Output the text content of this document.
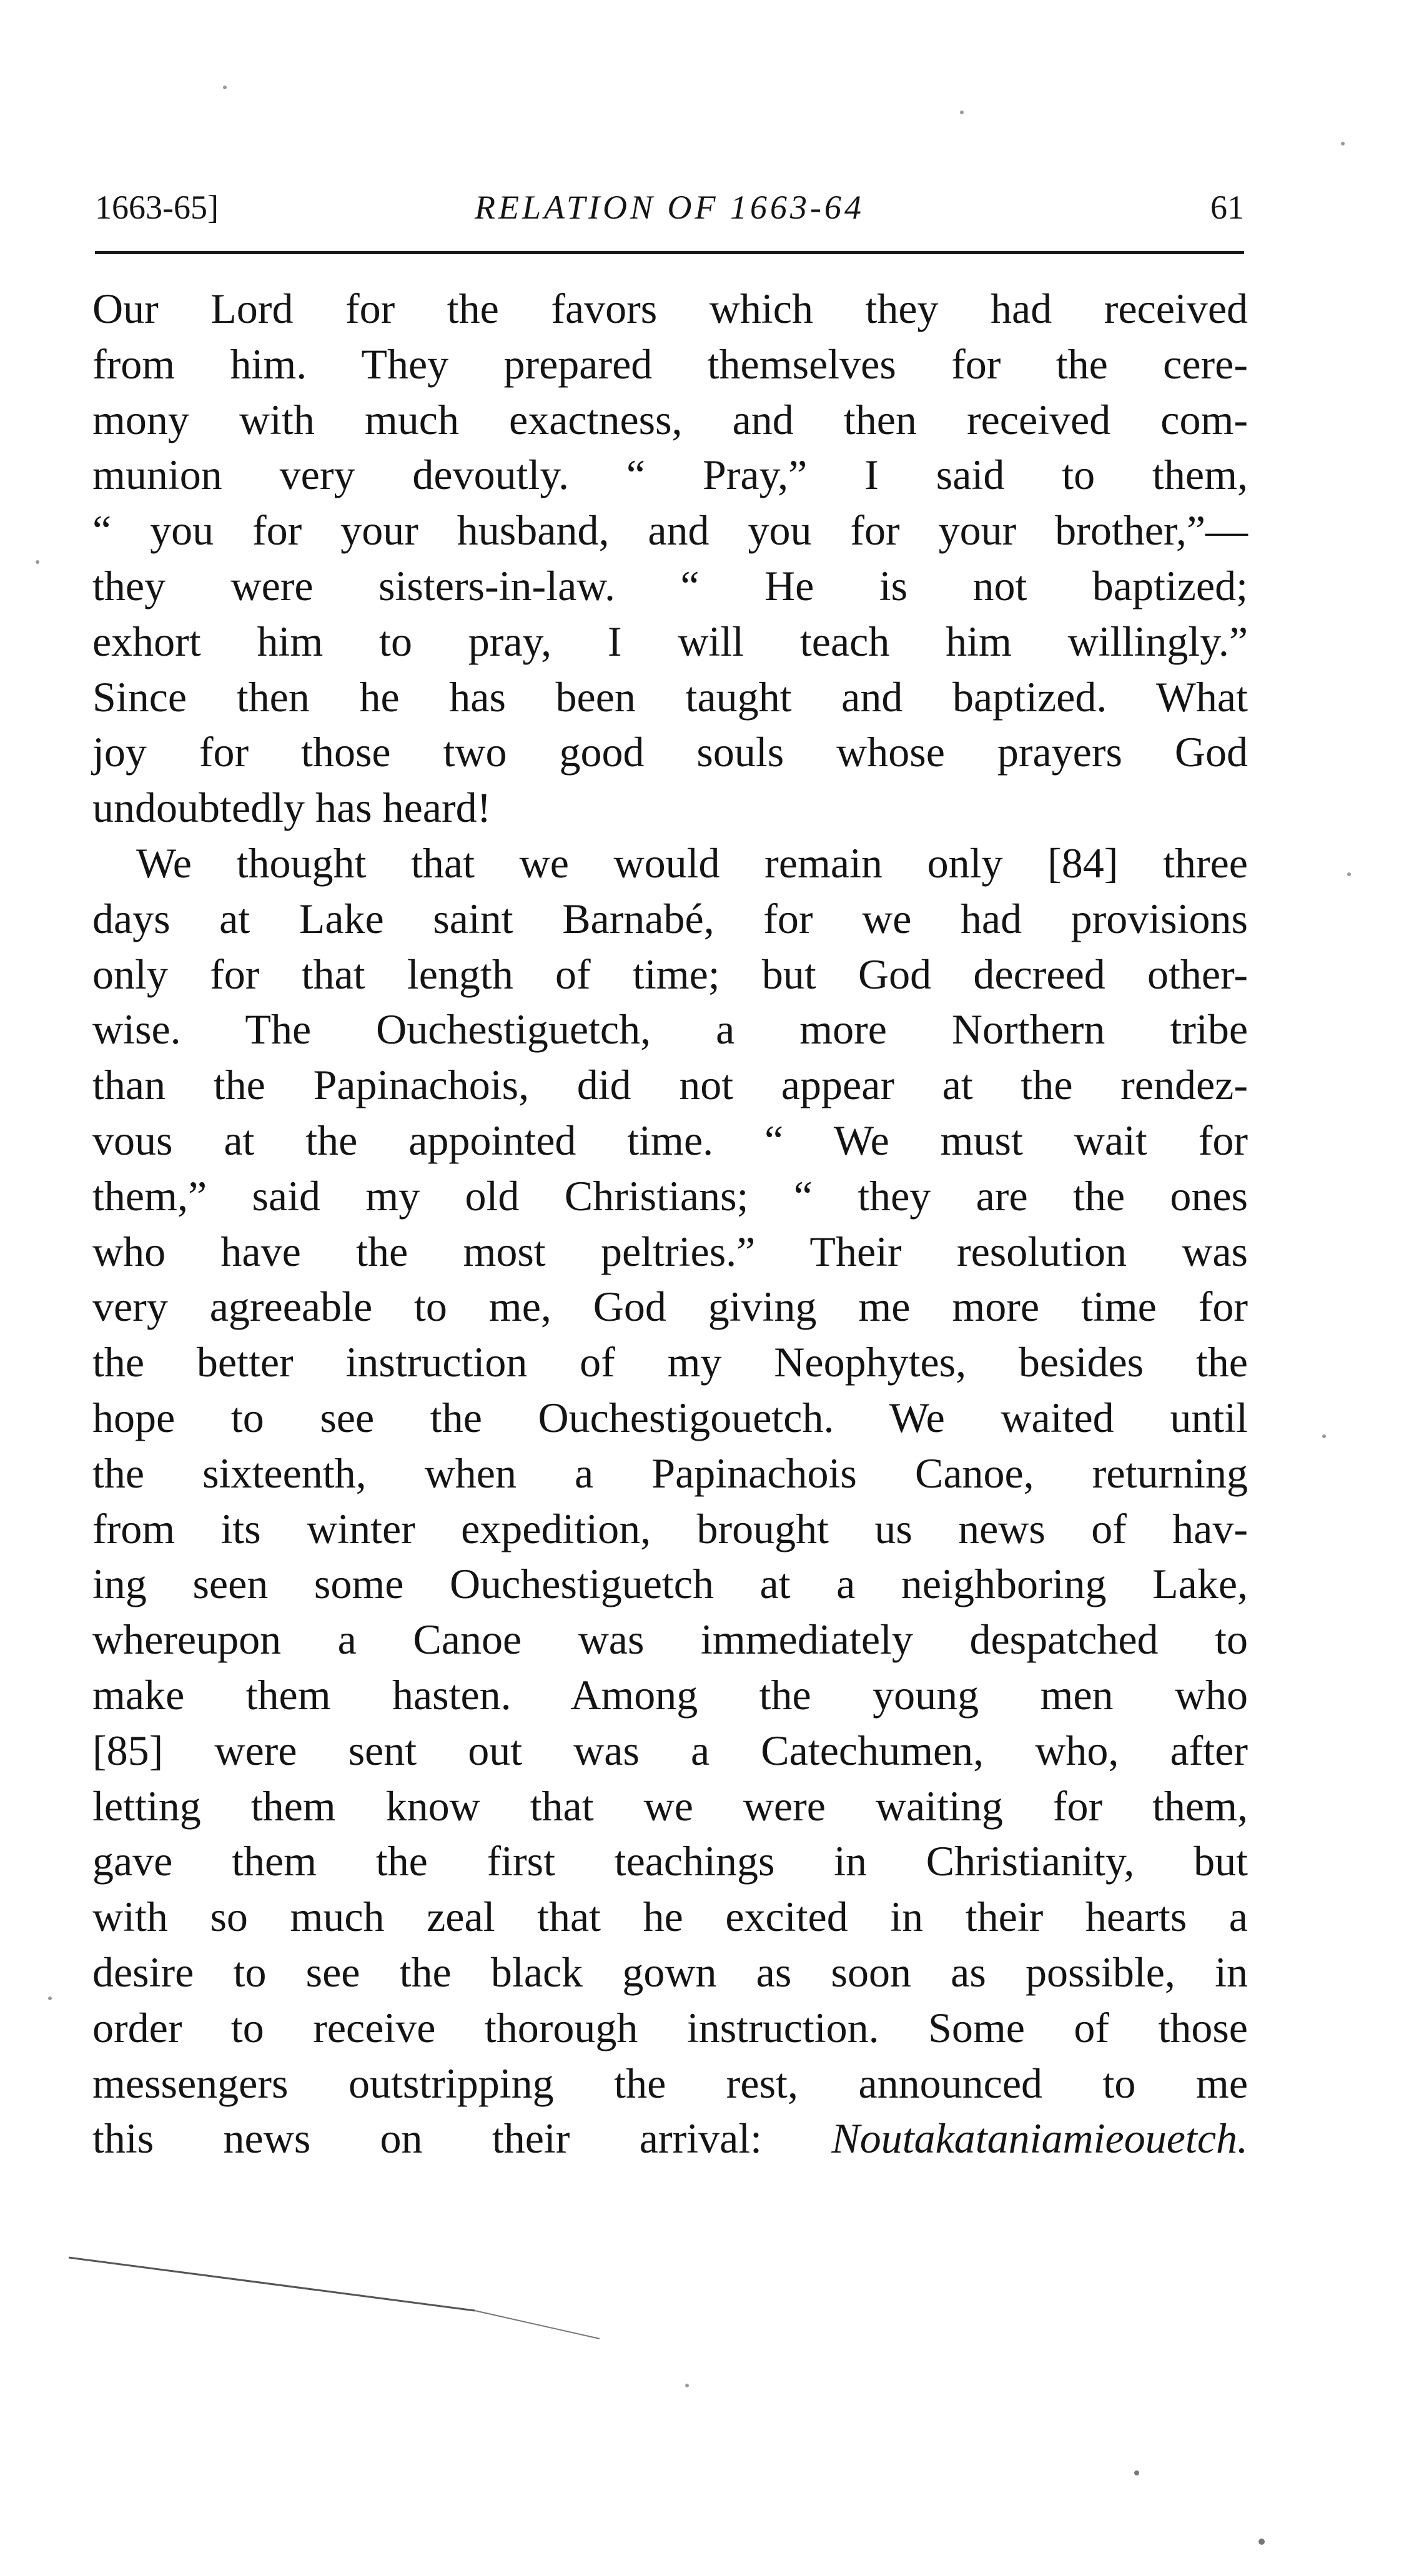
1663-65]	RELATION OF 1663-64	61
Our Lord for the favors which they had received
from him. They prepared themselves for the cere-
mony with much exactness, and then received com-
munion very devoutly. “ Pray,” I said to them,
“ you for your husband, and you for your brother,”—
they were sisters-in-law. “ He is not baptized;
exhort him to pray, I will teach him willingly.”
Since then he has been taught and baptized. What
joy for those two good souls whose prayers God
undoubtedly has heard!
We thought that we would remain only [84] three
days at Lake saint Barnabé, for we had provisions
only for that length of time; but God decreed other-
wise. The Ouchestiguetch, a more Northern tribe
than the Papinachois, did not appear at the rendez-
vous at the appointed time. “ We must wait for
them,” said my old Christians; “ they are the ones
who have the most peltries.” Their resolution was
very agreeable to me, God giving me more time for
the better instruction of my Neophytes, besides the
hope to see the Ouchestigouetch. We waited until
the sixteenth, when a Papinachois Canoe, returning
from its winter expedition, brought us news of hav-
ing seen some Ouchestiguetch at a neighboring Lake,
whereupon a Canoe was immediately despatched to
make them hasten. Among the young men who
[85] were sent out was a Catechumen, who, after
letting them know that we were waiting for them,
gave them the first teachings in Christianity, but
with so much zeal that he excited in their hearts a
desire to see the black gown as soon as possible, in
order to receive thorough instruction. Some of those
messengers outstripping the rest, announced to me
this news on their arrival: Noutakataniamieouetch.
